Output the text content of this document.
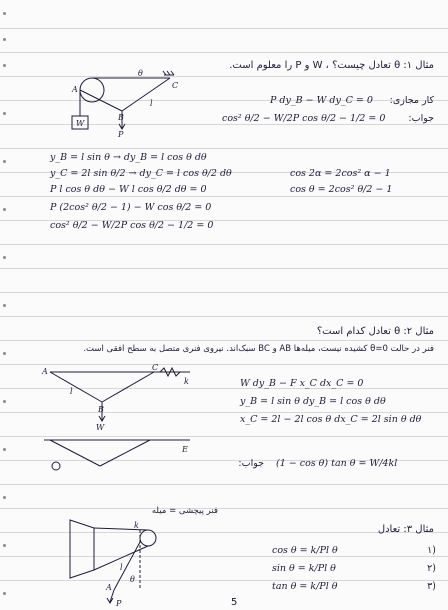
مثال ۱: θ تعادل چیست؟ ، W و P را معلوم است.
A
B
C
W
P
l
θ
کار مجازی:
P dy_B − W dy_C = 0
جواب:
cos² θ/2 − W/2P cos θ/2 − 1/2 = 0
y_B = l sin θ → dy_B = l cos θ dθ
y_C = 2l sin θ/2 → dy_C = l cos θ/2 dθ
P l cos θ dθ − W l cos θ/2 dθ = 0
P (2cos² θ/2 − 1) − W cos θ/2 = 0
cos² θ/2 − W/2P cos θ/2 − 1/2 = 0
cos 2α = 2cos² α − 1
cos θ = 2cos² θ/2 − 1
مثال ۲: θ تعادل کدام است؟
فنر در حالت θ=0 کشیده نیست، میله‌ها AB و BC سبک‌اند. نیروی فنری متصل به سطح افقی است.
A
B
C
W
l
E
k	W dy_B − F x_C dx_C = 0
y_B = l sin θ dy_B = l cos θ dθ
x_C = 2l − 2l cos θ dx_C = 2l sin θ dθ
جواب: (1 − cos θ) tan θ = W/4kl
مثال ۳: تعادل
فنر پیچشی = میله
A
P
k
l
θ
cos θ = k/Pl θ	(۱
sin θ = k/Pl θ	(۲
tan θ = k/Pl θ	(۳
5
